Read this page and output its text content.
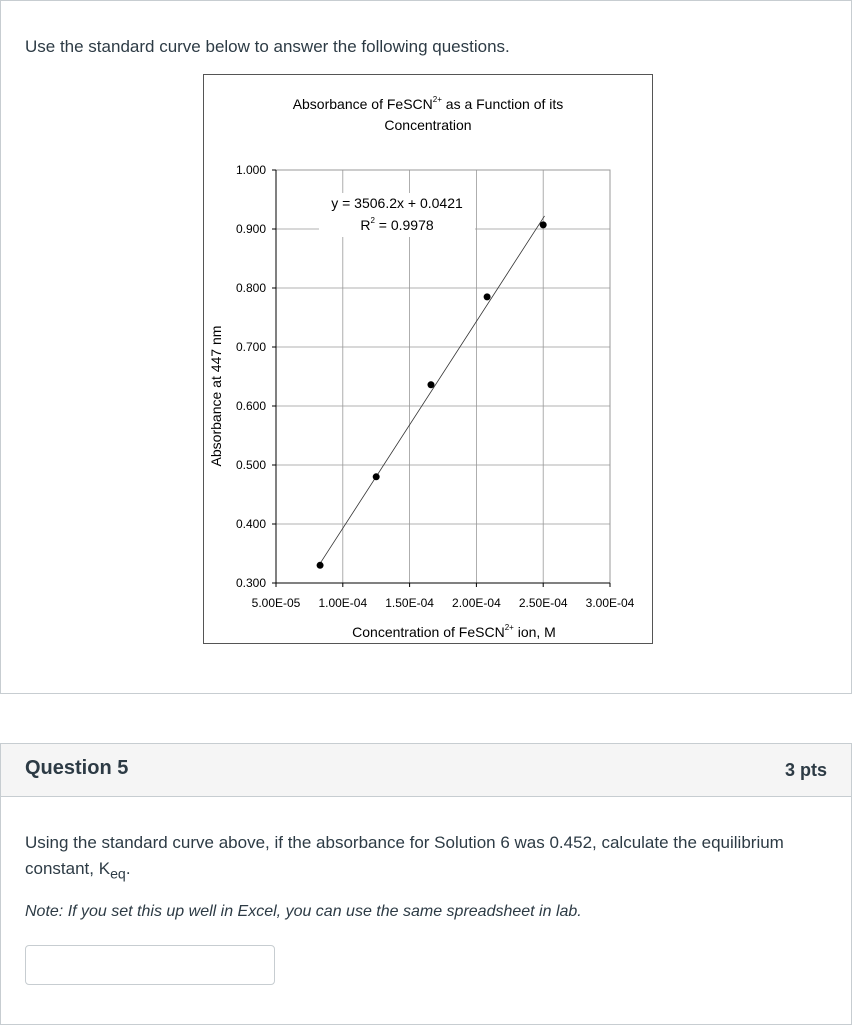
Use the standard curve below to answer the following questions.

Absorbance of FeSCN$^{2+}$ as a Function of its
Concentration
0.300
0.400
0.500
0.600
0.700
0.800
0.900
1.000
5.00E-05 1.00E-04 1.50E-04 2.00E-04 2.50E-04 3.00E-04
y = 3506.2x + 0.0421
$R^2 = 0.9978$
Absorbance at 447 nm
Concentration of FeSCN$^{2+}$ ion, M
Question 5	3 pts

Using the standard curve above, if the absorbance for Solution 6 was 0.452, calculate the equilibrium constant, $K_{eq}$.

Note: If you set this up well in Excel, you can use the same spreadsheet in lab.
